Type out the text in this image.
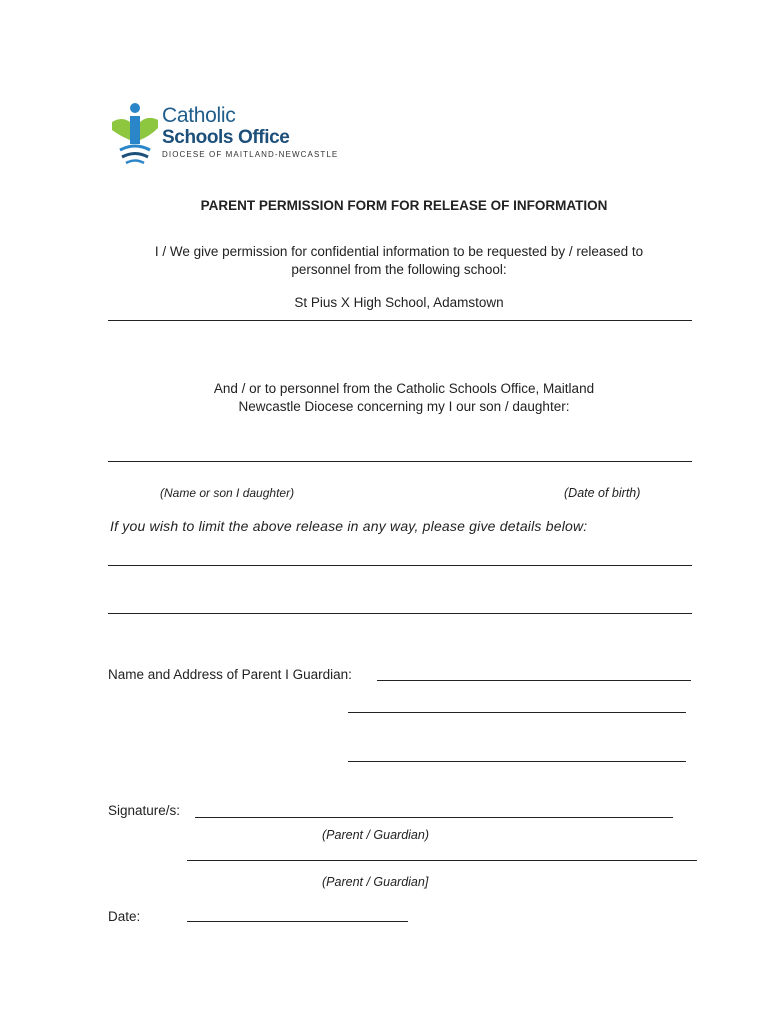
Catholic
Schools Office
DIOCESE OF MAITLAND-NEWCASTLE
PARENT PERMISSION FORM FOR RELEASE OF INFORMATION
I / We give permission for confidential information to be requested by / released to
personnel from the following school:
St Pius X High School, Adamstown
And / or to personnel from the Catholic Schools Office, Maitland
Newcastle Diocese concerning my I our son / daughter:
(Name or son I daughter)	(Date of birth)
If you wish to limit the above release in any way, please give details below:
Name and Address of Parent I Guardian:
Signature/s:
(Parent / Guardian)
(Parent / Guardian]
Date:
